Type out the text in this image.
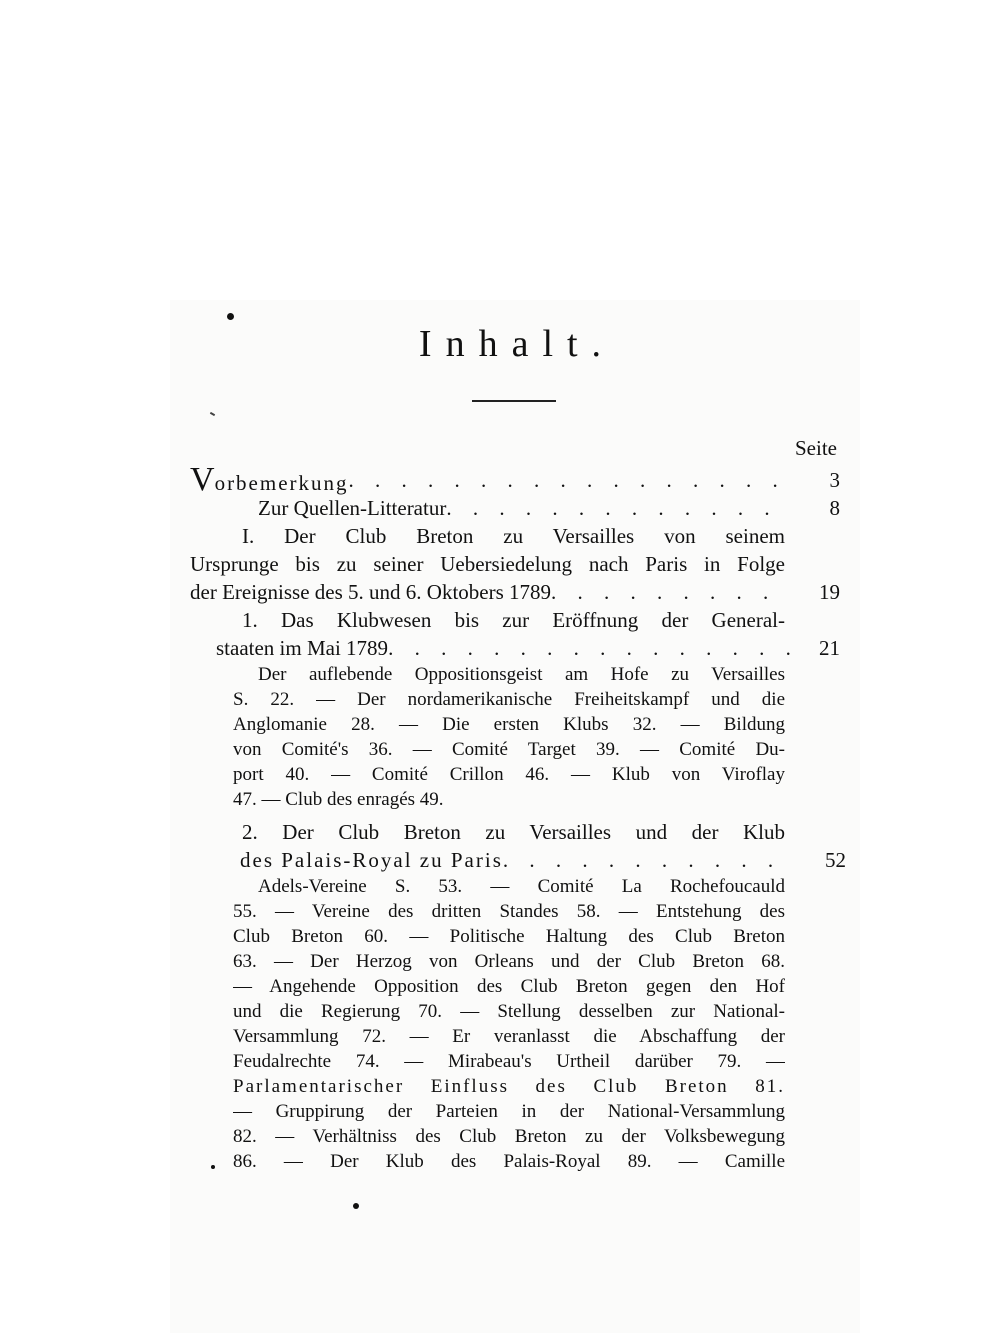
Inhalt.
Seite
Vorbemerkung . . .	3
Zur Quellen-Litteratur . . .	8
I. Der Club Breton zu Versailles von seinem
Ursprunge bis zu seiner Uebersiedelung nach Paris in Folge
der Ereignisse des 5. und 6. Oktobers 1789 . . .	19
1. Das Klubwesen bis zur Eröffnung der General-
staaten im Mai 1789 . . .	21
Der auflebende Oppositionsgeist am Hofe zu Versailles
S. 22. — Der nordamerikanische Freiheitskampf und die
Anglomanie 28. — Die ersten Klubs 32. — Bildung
von Comité's 36. — Comité Target 39. — Comité Du-
port 40. — Comité Crillon 46. — Klub von Viroflay
47. — Club des enragés 49.
2. Der Club Breton zu Versailles und der Klub
des Palais-Royal zu Paris . . .	52
Adels-Vereine S. 53. — Comité La Rochefoucauld
55. — Vereine des dritten Standes 58. — Entstehung des
Club Breton 60. — Politische Haltung des Club Breton
63. — Der Herzog von Orleans und der Club Breton 68.
— Angehende Opposition des Club Breton gegen den Hof
und die Regierung 70. — Stellung desselben zur National-
Versammlung 72. — Er veranlasst die Abschaffung der
Feudalrechte 74. — Mirabeau's Urtheil darüber 79. —
Parlamentarischer Einfluss des Club Breton 81.
— Gruppirung der Parteien in der National-Versammlung
82. — Verhältniss des Club Breton zu der Volksbewegung
86. — Der Klub des Palais-Royal 89. — Camille
